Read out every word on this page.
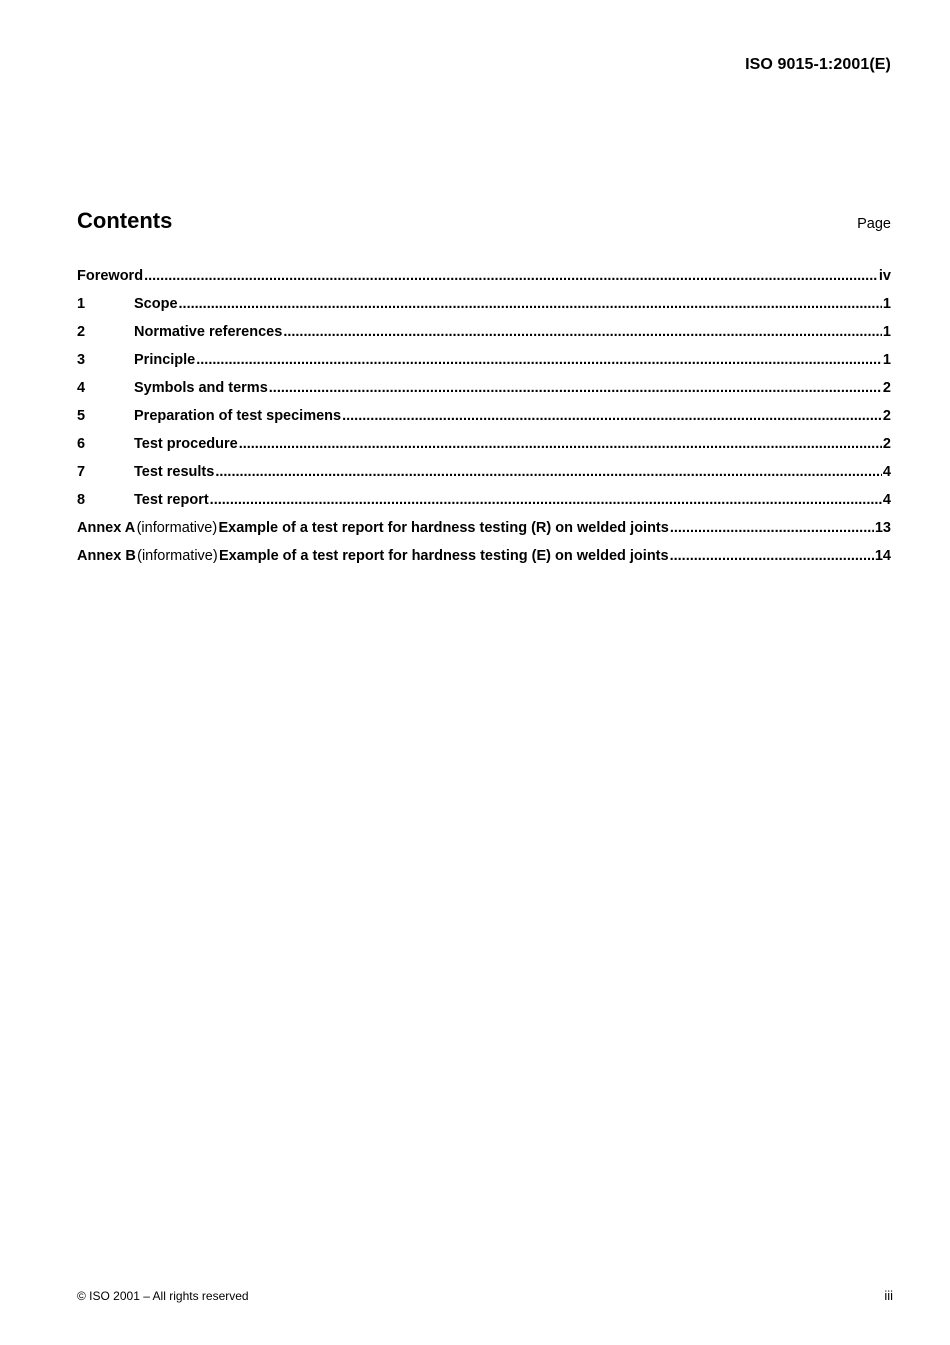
ISO 9015-1:2001(E)
Contents	Page
Foreword .....	iv
1	Scope .....	1
2	Normative references .....	1
3	Principle .....	1
4	Symbols and terms .....	2
5	Preparation of test specimens .....	2
6	Test procedure .....	2
7	Test results .....	4
8	Test report .....	4
Annex A (informative) Example of a test report for hardness testing (R) on welded joints .....	13
Annex B (informative) Example of a test report for hardness testing (E) on welded joints .....	14
© ISO 2001 – All rights reserved	iii
